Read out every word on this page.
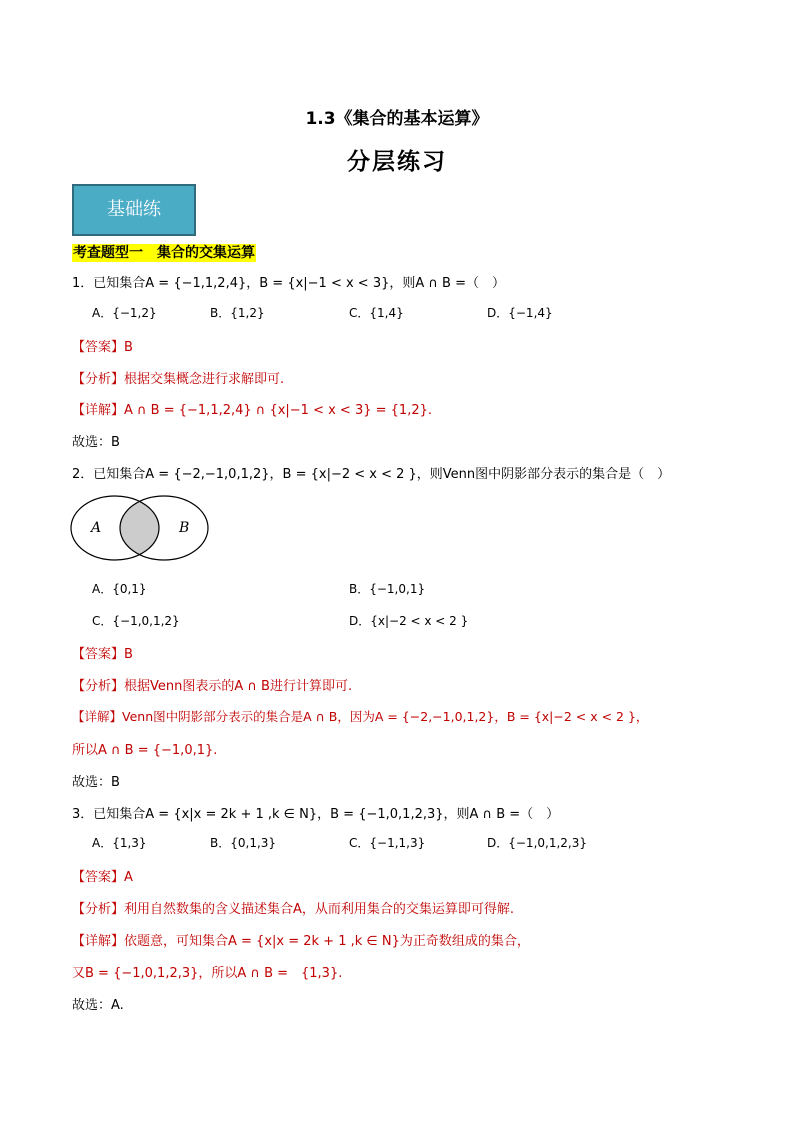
1.3《集合的基本运算》
分层练习
基础练
考查题型一　集合的交集运算
1．已知集合A = {−1,1,2,4}，B = {x|−1 < x < 3}，则A ∩ B =（　）
A．{−1,2}	B．{1,2}	C．{1,4}	D．{−1,4}
【答案】B
【分析】根据交集概念进行求解即可.
【详解】A ∩ B = {−1,1,2,4} ∩ {x|−1 < x < 3} = {1,2}.
故选：B
2．已知集合A = {−2,−1,0,1,2}，B = {x|−2 < x < 2 }，则Venn图中阴影部分表示的集合是（　）
A	B
A．{0,1}	B．{−1,0,1}
C．{−1,0,1,2}	D．{x|−2 < x < 2 }
【答案】B
【分析】根据Venn图表示的A ∩ B进行计算即可.
【详解】Venn图中阴影部分表示的集合是A ∩ B，因为A = {−2,−1,0,1,2}，B = {x|−2 < x < 2 }，
所以A ∩ B = {−1,0,1}.
故选：B
3．已知集合A = {x|x = 2k + 1 ,k ∈ N}，B = {−1,0,1,2,3}，则A ∩ B =（　）
A．{1,3}	B．{0,1,3}	C．{−1,1,3}	D．{−1,0,1,2,3}
【答案】A
【分析】利用自然数集的含义描述集合A，从而利用集合的交集运算即可得解.
【详解】依题意，可知集合A = {x|x = 2k + 1 ,k ∈ N}为正奇数组成的集合，
又B = {−1,0,1,2,3}，所以A ∩ B =　{1,3}.
故选：A.
